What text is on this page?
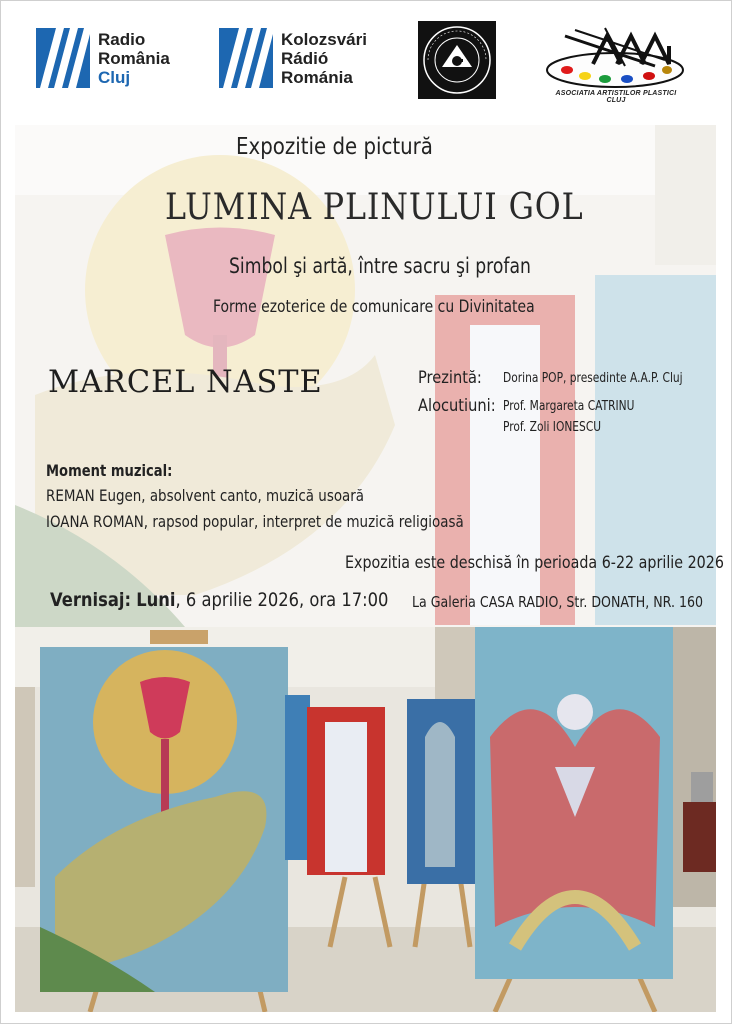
Radio
România
Cluj
Kolozsvári
Rádió
Románia
ASOCIATIA ARTISTILOR PLASTICI CLUJ
Expozitie de pictură
LUMINA PLINULUI GOL
Simbol şi artă, între sacru şi profan
Forme ezoterice de comunicare cu Divinitatea
MARCEL NASTE	Prezintă: Dorina POP, presedinte A.A.P. Cluj
Alocutiuni: Prof. Margareta CATRINU
Prof. Zoli IONESCU
Moment muzical:
REMAN Eugen, absolvent canto, muzică usoară
IOANA ROMAN, rapsod popular, interpret de muzică religioasă
Expozitia este deschisă în perioada 6-22 aprilie 2026
Vernisaj: Luni, 6 aprilie 2026, ora 17:00 La Galeria CASA RADIO, Str. DONATH, NR. 160
